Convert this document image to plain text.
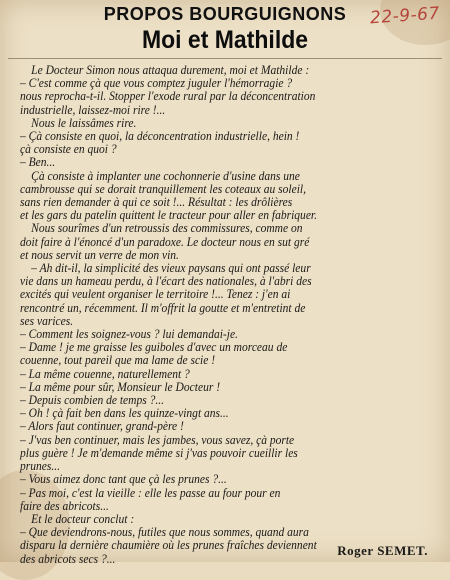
PROPOS BOURGUIGNONS
Moi et Mathilde
22-9-67
Le Docteur Simon nous attaqua durement, moi et Mathilde :
– C'est comme çà que vous comptez juguler l'hémorragie ?
nous reprocha-t-il. Stopper l'exode rural par la déconcentration
industrielle, laissez-moi rire !...
Nous le laissâmes rire.
– Çà consiste en quoi, la déconcentration industrielle, hein !
çà consiste en quoi ?
– Ben...
Çà consiste à implanter une cochonnerie d'usine dans une
cambrousse qui se dorait tranquillement les coteaux au soleil,
sans rien demander à qui ce soit !... Résultat : les drôlières
et les gars du patelin quittent le tracteur pour aller en fabriquer.
Nous sourîmes d'un retroussis des commissures, comme on
doit faire à l'énoncé d'un paradoxe. Le docteur nous en sut gré
et nous servit un verre de mon vin.
– Ah dit-il, la simplicité des vieux paysans qui ont passé leur
vie dans un hameau perdu, à l'écart des nationales, à l'abri des
excités qui veulent organiser le territoire !... Tenez : j'en ai
rencontré un, récemment. Il m'offrit la goutte et m'entretint de
ses varices.
– Comment les soignez-vous ? lui demandai-je.
– Dame ! je me graisse les guiboles d'avec un morceau de
couenne, tout pareil que ma lame de scie !
– La même couenne, naturellement ?
– La même pour sûr, Monsieur le Docteur !
– Depuis combien de temps ?...
– Oh ! çà fait ben dans les quinze-vingt ans...
– Alors faut continuer, grand-père !
– J'vas ben continuer, mais les jambes, vous savez, çà porte
plus guère ! Je m'demande même si j'vas pouvoir cueillir les
prunes...
– Vous aimez donc tant que çà les prunes ?...
– Pas moi, c'est la vieille : elle les passe au four pour en
faire des abricots...
Et le docteur conclut :
– Que deviendrons-nous, futiles que nous sommes, quand aura
disparu la dernière chaumière où les prunes fraîches deviennent
des abricots secs ?...
Roger SEMET.
